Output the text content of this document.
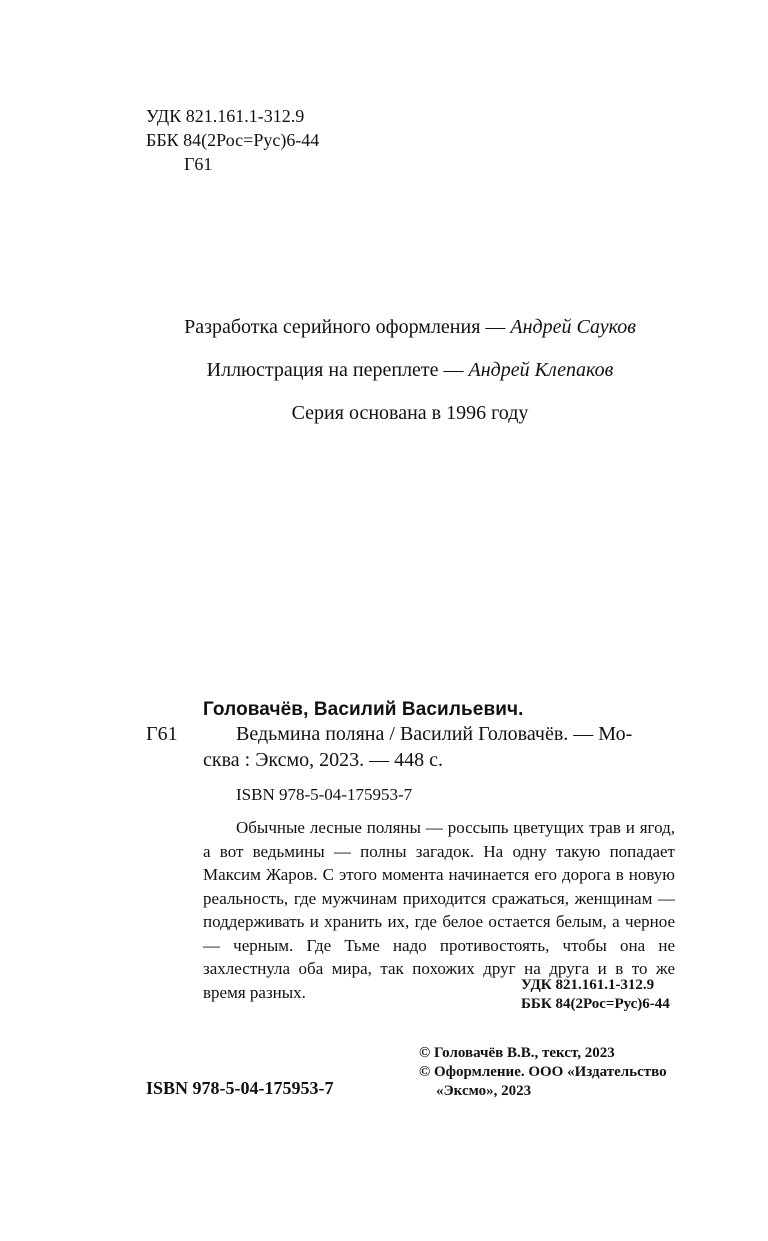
УДК 821.161.1-312.9
ББК 84(2Рос=Рус)6-44
Г61
Разработка серийного оформления — Андрей Сауков
Иллюстрация на переплете — Андрей Клепаков
Серия основана в 1996 году
Головачёв, Василий Васильевич.
Г61	Ведьмина поляна / Василий Головачёв. — Мо-
сква : Эксмо, 2023. — 448 с.
ISBN 978-5-04-175953-7

Обычные лесные поляны — россыпь цветущих трав и ягод, а вот ведьмины — полны загадок. На одну такую попадает Максим Жаров. С этого момента начинается его дорога в новую реальность, где мужчинам приходится сражаться, женщинам — поддерживать и хранить их, где белое остается белым, а черное — черным. Где Тьме надо противостоять, чтобы она не захлестнула оба мира, так похожих друг на друга и в то же время разных.	УДК 821.161.1-312.9
ББК 84(2Рос=Рус)6-44
© Головачёв В.В., текст, 2023
© Оформление. ООО «Издательство
«Эксмо», 2023
ISBN 978-5-04-175953-7
